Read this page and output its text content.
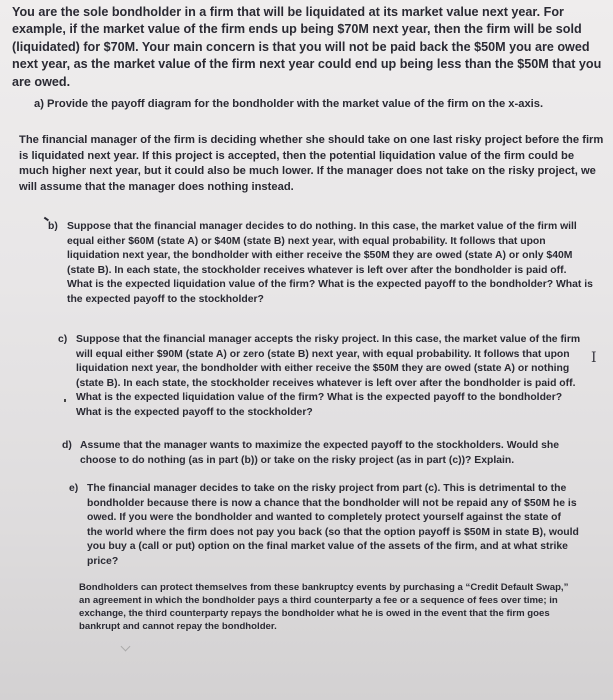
You are the sole bondholder in a firm that will be liquidated at its market value next year. For example, if the market value of the firm ends up being $70M next year, then the firm will be sold (liquidated) for $70M. Your main concern is that you will not be paid back the $50M you are owed next year, as the market value of the firm next year could end up being less than the $50M that you are owed.

a) Provide the payoff diagram for the bondholder with the market value of the firm on the x-axis.

The financial manager of the firm is deciding whether she should take on one last risky project before the firm is liquidated next year. If this project is accepted, then the potential liquidation value of the firm could be much higher next year, but it could also be much lower. If the manager does not take on the risky project, we will assume that the manager does nothing instead.

b) Suppose that the financial manager decides to do nothing. In this case, the market value of the firm will equal either $60M (state A) or $40M (state B) next year, with equal probability. It follows that upon liquidation next year, the bondholder with either receive the $50M they are owed (state A) or only $40M (state B). In each state, the stockholder receives whatever is left over after the bondholder is paid off. What is the expected liquidation value of the firm? What is the expected payoff to the bondholder? What is the expected payoff to the stockholder?
c) Suppose that the financial manager accepts the risky project. In this case, the market value of the firm will equal either $90M (state A) or zero (state B) next year, with equal probability. It follows that upon liquidation next year, the bondholder with either receive the $50M they are owed (state A) or nothing (state B). In each state, the stockholder receives whatever is left over after the bondholder is paid off. What is the expected liquidation value of the firm? What is the expected payoff to the bondholder? What is the expected payoff to the stockholder?
I
d) Assume that the manager wants to maximize the expected payoff to the stockholders. Would she choose to do nothing (as in part (b)) or take on the risky project (as in part (c))? Explain.
e) The financial manager decides to take on the risky project from part (c). This is detrimental to the bondholder because there is now a chance that the bondholder will not be repaid any of $50M he is owed. If you were the bondholder and wanted to completely protect yourself against the state of the world where the firm does not pay you back (so that the option payoff is $50M in state B), would you buy a (call or put) option on the final market value of the assets of the firm, and at what strike price?

Bondholders can protect themselves from these bankruptcy events by purchasing a “Credit Default Swap,” an agreement in which the bondholder pays a third counterparty a fee or a sequence of fees over time; in exchange, the third counterparty repays the bondholder what he is owed in the event that the firm goes bankrupt and cannot repay the bondholder.
